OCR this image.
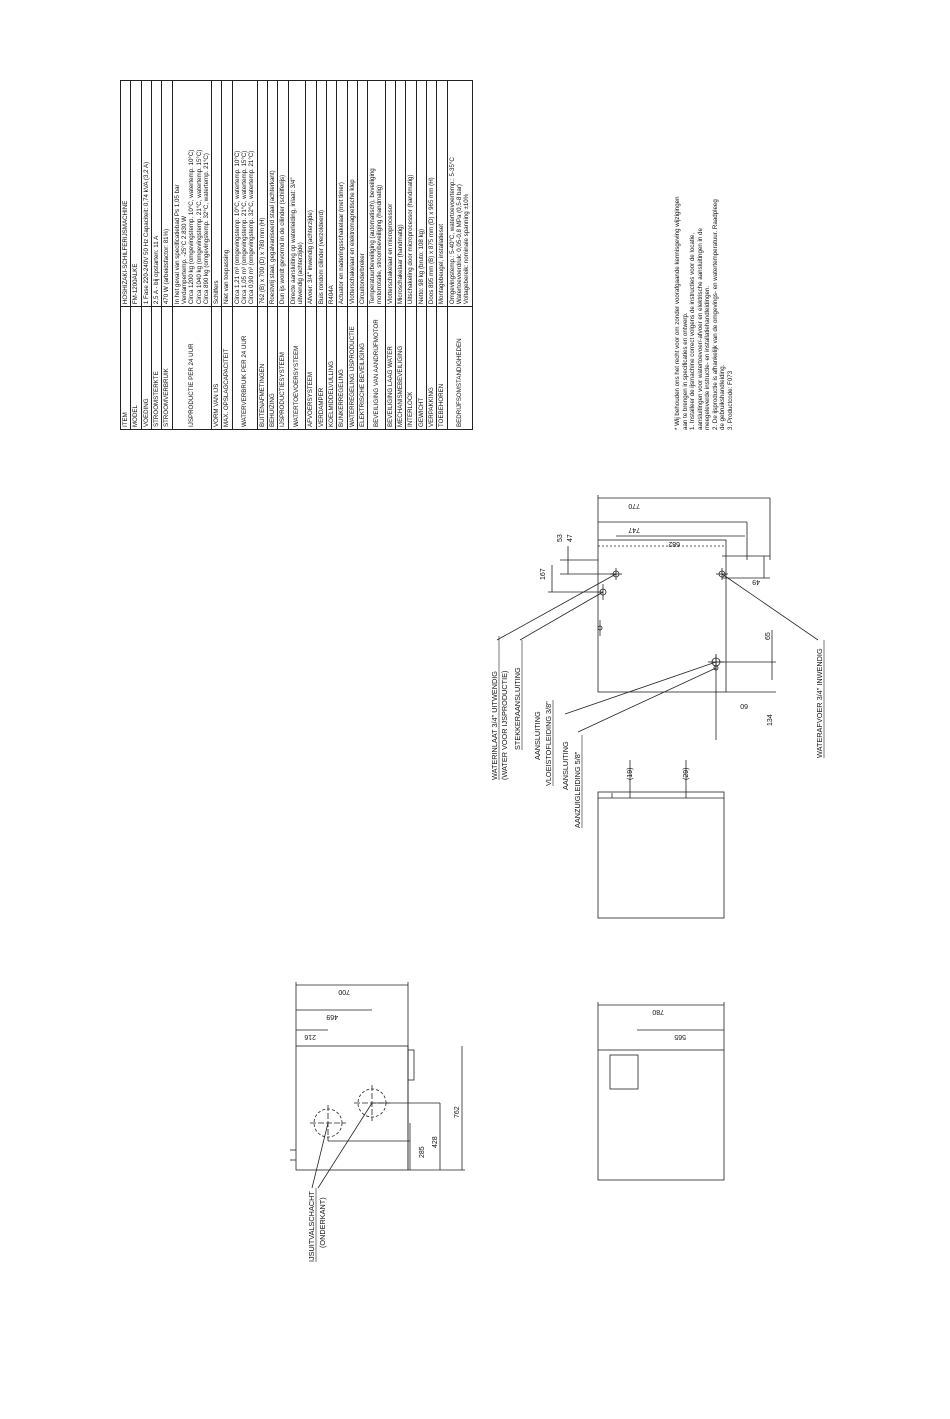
ITEM	HOSHIZAKI-SCHILFERIJSMACHINE

MODEL	FM-1200ALKE

VOEDING	1 Fase 220-240V 50 Hz Capaciteit: 0,74 kVA (3,2 A)

STROOMSTERKTE	2,5 A - bij opstarten: 11 A

STROOMVERBRUIK	470 W (arbeidsfactor: 81%)

IJSPRODUCTIE PER 24 UUR	In het geval van specificatiebad Ps 1,05 bar Verdampertemp. -25°C 2.830 W Circa 1200 kg (omgevingstemp. 10°C, watertemp. 10°C) Circa 1040 kg (omgevingstemp. 21°C, watertemp. 15°C) Circa 890 kg (omgevingstemp. 32°C, watertemp. 21°C)

VORM VAN IJS	Schilfers

MAX. OPSLAGCAPACITEIT	Niet van toepassing

WATERVERBRUIK PER 24 UUR	Circa 1,21 m³ (omgevingstemp. 10°C, watertemp. 10°C) Circa 1,05 m³ (omgevingstemp. 21°C, watertemp. 15°C) Circa 0,90 m³ (omgevingstemp. 32°C, watertemp. 21°C)

BUITENAFMETINGEN	762 (B) x 700 (D) x 780 mm (H)

BEHUIZING	Roestvrij staal, gegalvaniseerd staal (achterkant)

IJSPRODUCTIESYSTEEM	Dun ijs wordt gevormd in de cilinder (schilferijs)

WATERTOEVOERSYSTEEM	Directe aansluiting op waterleiding, inlaat: 3/4" uitwendig (achterzijde)

AFVOERSYSTEEM	Afvoer: 3/4" inwendig (achterzijde)

VERDAMPER	Buis rondom cilinder (verzoldeerd)

KOELMIDDELVULLING	R404A

BUNKERREGELING	Actuator en naderingsschakelaar (met timer)

WATERREGELING IJSPRODUCTIE	Vlotterschakelaar en elektromagnetische klep

ELEKTRISCHE BEVEILIGING	Circuitonderbreker

BEVEILIGING VAN AANDRIJFMOTOR	Temperatuurbeveiliging (automatisch), beveiliging motorrotatie, stroombeveiliging (handmatig)

BEVEILIGING LAAG WATER	Vlotterschakelaar en microprocessor

MECHANISMEBEVEILIGING	Microschakelaar (handmatig)

INTERLOCK	Uitschakeling door microprocessor (handmatig)

GEWICHT	Netto: 98 kg (bruto: 108 kg)

VERPAKKING	Doos 895 mm (B) x 875 mm (D) x 965 mm (H)

TOEBEHOREN	Montagebeugel, installatieset

BEDRIJFSOMSTANDIGHEDEN	Omgevingstemp.: 5-40°C, watertoevoertemp.: 5-35°C Watertoevoerdruk: 0,05-0,8 MPa (0,5-8 bar) Voltagebereik: nominale spanning ±10%	* Wij behouden ons het recht voor om zonder voorafgaande kennisgeving wijzigingen aan te brengen in specificaties en ontwerp. 1. Installeer de ijsmachine correct volgens de instructies voor de locatie, aansluitingen voor watertoevoer/-afvoer en elektrische aansluitingen in de meegeleverde instructie- en installatiehandleidingen. 2. De ijsproductie is afhankelijk van de omgevings- en watertemperatuur. Raadpleeg de gebruikshandleiding. 3. Productcode: F073
770
747
682
53 47
167
49
65
60
134
(19)	(29)
780
565
700
469
216
285
428
762
WATERINLAAT 3/4" UITWENDIG (WATER VOOR IJSPRODUCTIE) STEKKERAANSLUITING AANSLUITING VLOEISTOFLEIDING 3/8" AANSLUITING AANZUIGLEIDING 5/8"
WATERAFVOER 3/4" INWENDIG
IJSUITVALSCHACHT (ONDERKANT)
